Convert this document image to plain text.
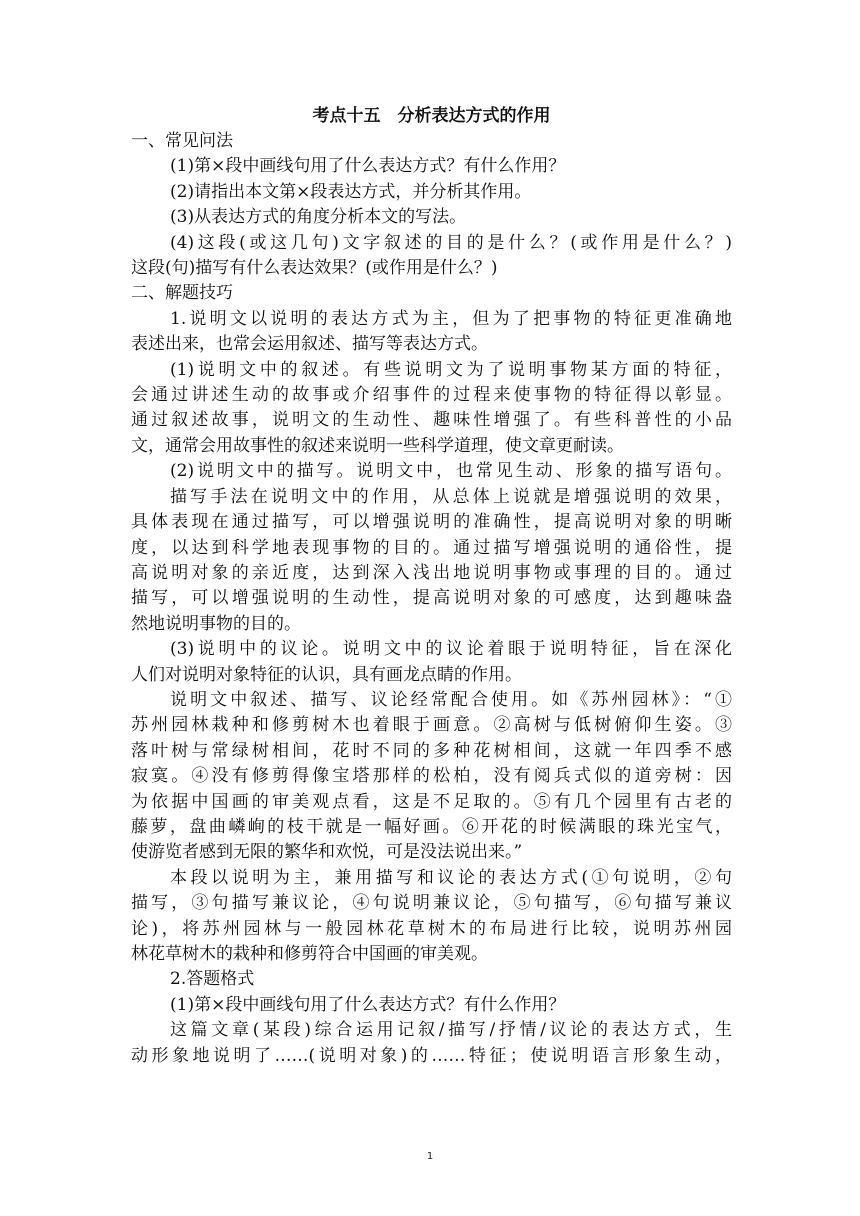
考点十五　分析表达方式的作用

一、常见问法

(1)第×段中画线句用了什么表达方式？有什么作用？

(2)请指出本文第×段表达方式，并分析其作用。

(3)从表达方式的角度分析本文的写法。

(4)这段(或这几句)文字叙述的目的是什么？(或作用是什么？)

这段(句)描写有什么表达效果？(或作用是什么？)

二、解题技巧

1.说明文以说明的表达方式为主，但为了把事物的特征更准确地

表述出来，也常会运用叙述、描写等表达方式。

(1)说明文中的叙述。有些说明文为了说明事物某方面的特征，

会通过讲述生动的故事或介绍事件的过程来使事物的特征得以彰显。

通过叙述故事，说明文的生动性、趣味性增强了。有些科普性的小品

文，通常会用故事性的叙述来说明一些科学道理，使文章更耐读。

(2)说明文中的描写。说明文中，也常见生动、形象的描写语句。

描写手法在说明文中的作用，从总体上说就是增强说明的效果，

具体表现在通过描写，可以增强说明的准确性，提高说明对象的明晰

度，以达到科学地表现事物的目的。通过描写增强说明的通俗性，提

高说明对象的亲近度，达到深入浅出地说明事物或事理的目的。通过

描写，可以增强说明的生动性，提高说明对象的可感度，达到趣味盎

然地说明事物的目的。

(3)说明中的议论。说明文中的议论着眼于说明特征，旨在深化

人们对说明对象特征的认识，具有画龙点睛的作用。

说明文中叙述、描写、议论经常配合使用。如《苏州园林》：“①

苏州园林栽种和修剪树木也着眼于画意。②高树与低树俯仰生姿。③

落叶树与常绿树相间，花时不同的多种花树相间，这就一年四季不感

寂寞。④没有修剪得像宝塔那样的松柏，没有阅兵式似的道旁树：因

为依据中国画的审美观点看，这是不足取的。⑤有几个园里有古老的

藤萝，盘曲嶙峋的枝干就是一幅好画。⑥开花的时候满眼的珠光宝气，

使游览者感到无限的繁华和欢悦，可是没法说出来。”

本段以说明为主，兼用描写和议论的表达方式(①句说明，②句

描写，③句描写兼议论，④句说明兼议论，⑤句描写，⑥句描写兼议

论)，将苏州园林与一般园林花草树木的布局进行比较，说明苏州园

林花草树木的栽种和修剪符合中国画的审美观。

2.答题格式

(1)第×段中画线句用了什么表达方式？有什么作用？

这篇文章(某段)综合运用记叙/描写/抒情/议论的表达方式，生

动形象地说明了……(说明对象)的……特征；使说明语言形象生动，

1
